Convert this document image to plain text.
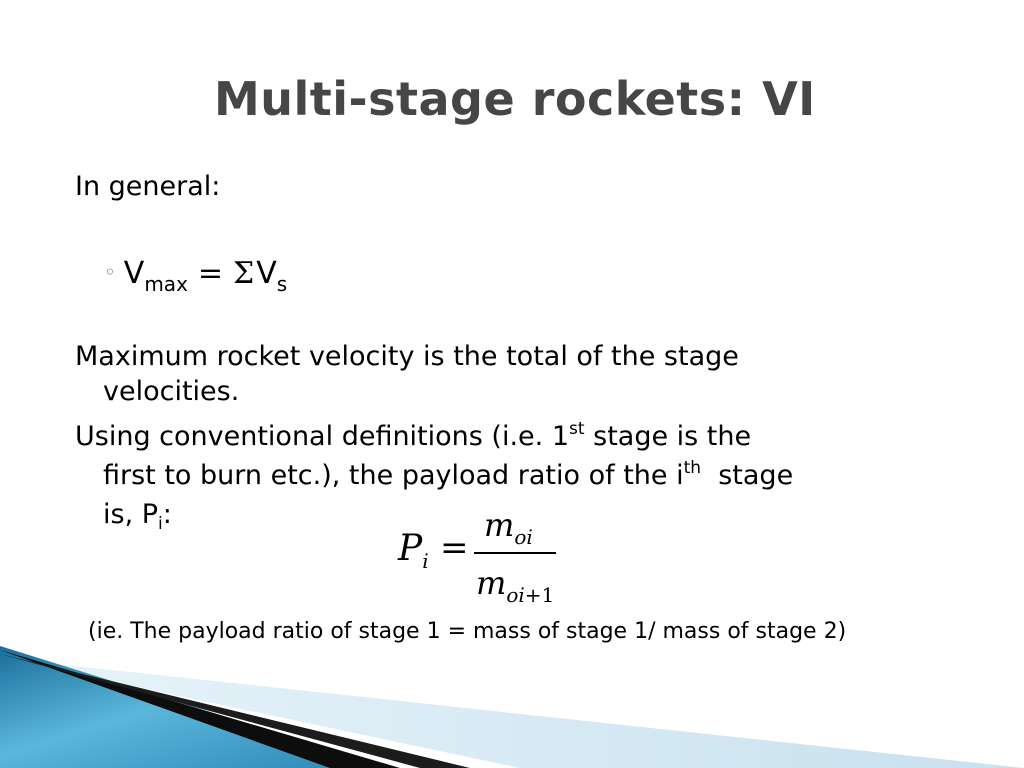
Multi-stage rockets: VI
In general:
◦ $V_{max} = \Sigma V_s$
Maximum rocket velocity is the total of the stage
velocities.
Using conventional definitions (i.e. 1st stage is the
first to burn etc.), the payload ratio of the $i^{th}$  stage
is, $P_i$:
$P_i$ =
$m_{oi}$
$m_{oi+1}$
(ie. The payload ratio of stage 1 = mass of stage 1/ mass of stage 2)
